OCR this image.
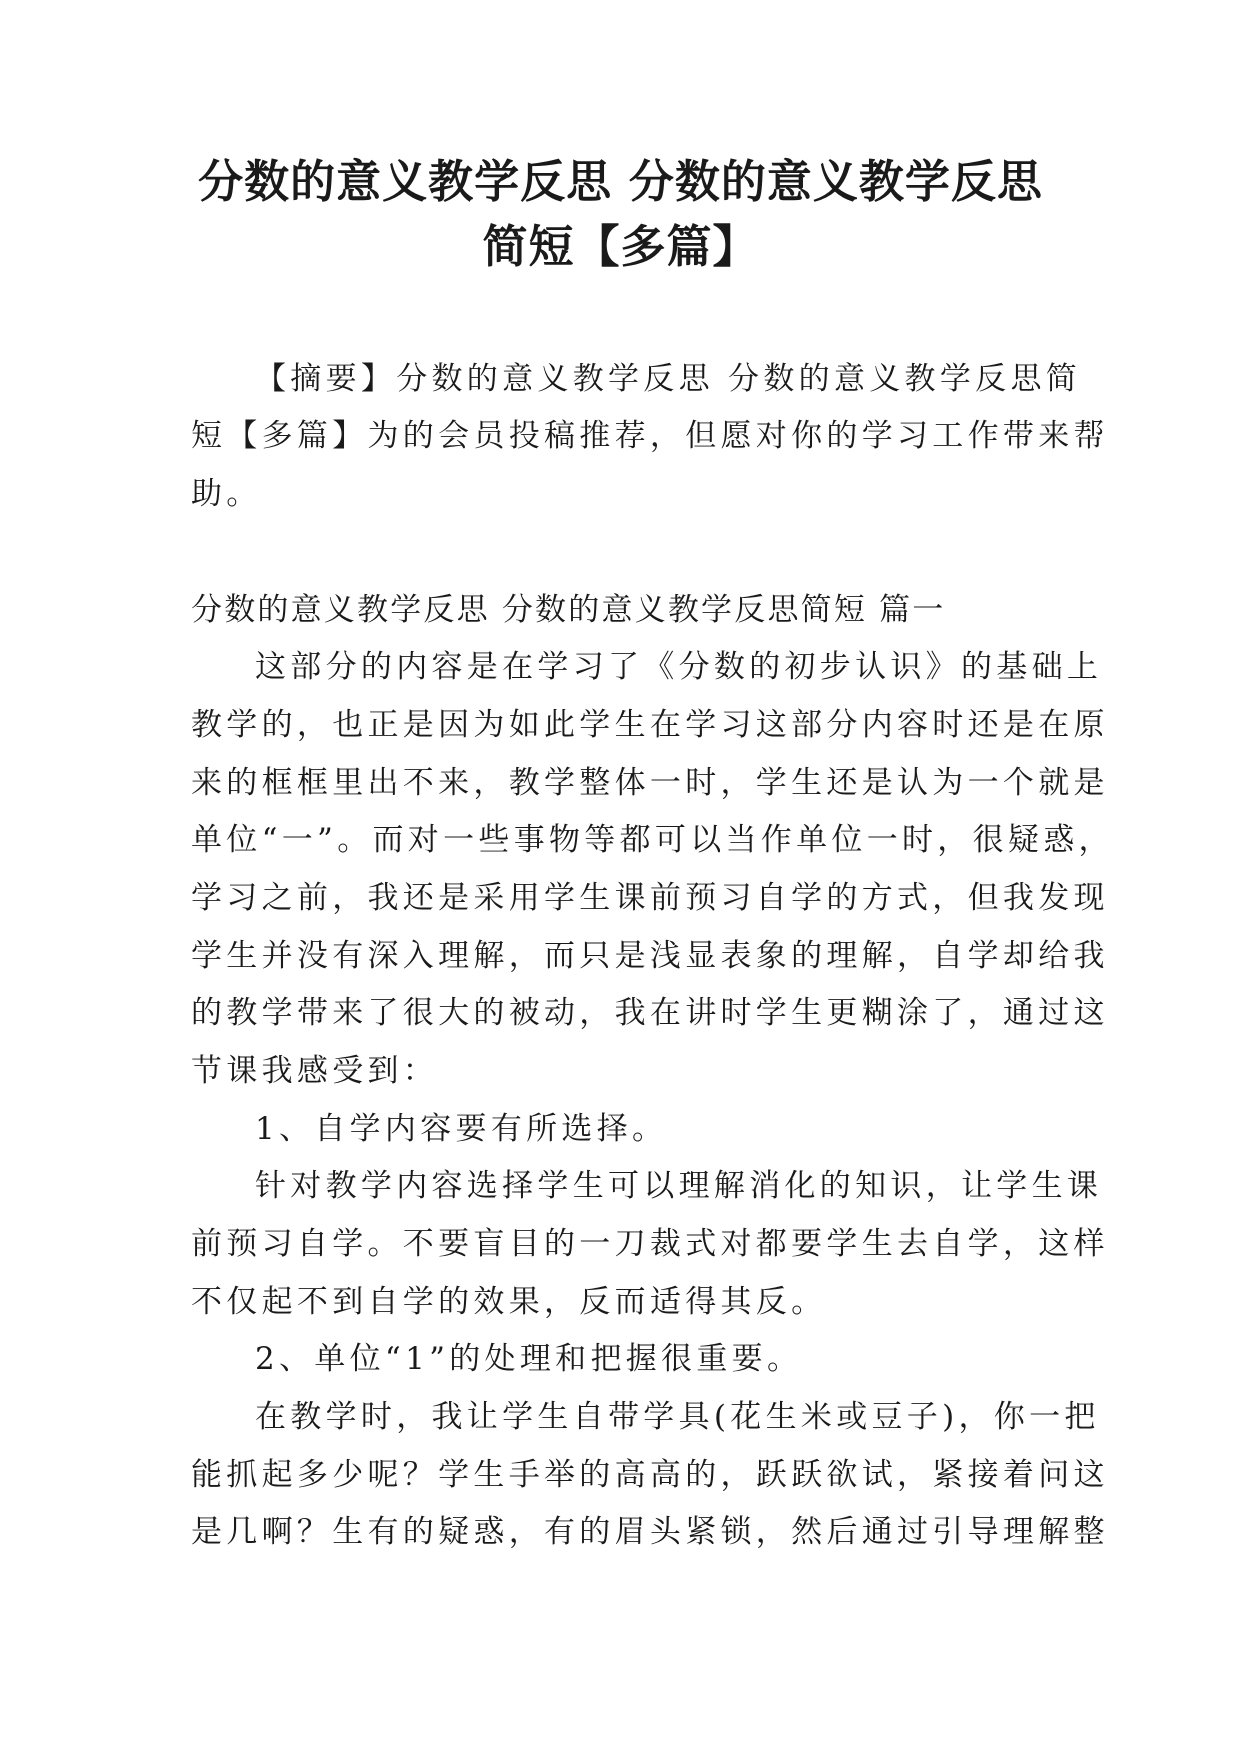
分数的意义教学反思 分数的意义教学反思
简短【多篇】

【摘要】分数的意义教学反思 分数的意义教学反思简

短【多篇】为的会员投稿推荐，但愿对你的学习工作带来帮

助。

分数的意义教学反思 分数的意义教学反思简短 篇一

这部分的内容是在学习了《分数的初步认识》的基础上

教学的，也正是因为如此学生在学习这部分内容时还是在原

来的框框里出不来，教学整体一时，学生还是认为一个就是

单位“一”。而对一些事物等都可以当作单位一时，很疑惑，

学习之前，我还是采用学生课前预习自学的方式，但我发现

学生并没有深入理解，而只是浅显表象的理解，自学却给我

的教学带来了很大的被动，我在讲时学生更糊涂了，通过这

节课我感受到：

1、自学内容要有所选择。

针对教学内容选择学生可以理解消化的知识，让学生课

前预习自学。不要盲目的一刀裁式对都要学生去自学，这样

不仅起不到自学的效果，反而适得其反。

2、单位“1”的处理和把握很重要。

在教学时，我让学生自带学具(花生米或豆子)，你一把

能抓起多少呢？学生手举的高高的，跃跃欲试，紧接着问这

是几啊？生有的疑惑，有的眉头紧锁，然后通过引导理解整
